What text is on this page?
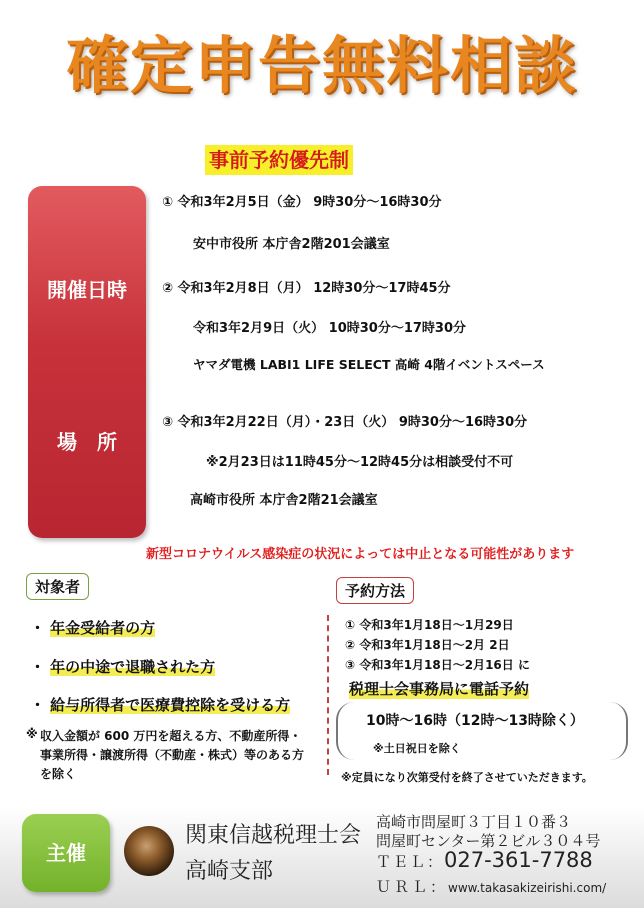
確定申告無料相談
事前予約優先制
開催日時
場　所
① 令和3年2月5日（金） 9時30分～16時30分
安中市役所 本庁舎2階201会議室
② 令和3年2月8日（月） 12時30分～17時45分
令和3年2月9日（火） 10時30分～17時30分
ヤマダ電機 LABI1 LIFE SELECT 高崎 4階イベントスペース
③ 令和3年2月22日（月）・23日（火） 9時30分～16時30分
※2月23日は11時45分～12時45分は相談受付不可
高崎市役所 本庁舎2階21会議室
新型コロナウイルス感染症の状況によっては中止となる可能性があります
対象者
・ 年金受給者の方
・ 年の中途で退職された方
・ 給与所得者で医療費控除を受ける方
※ 収入金額が 600 万円を超える方、不動産所得・
事業所得・譲渡所得（不動産・株式）等のある方
を除く
予約方法
① 令和3年1月18日～1月29日
② 令和3年1月18日～2月 2日
③ 令和3年1月18日～2月16日 に
税理士会事務局に電話予約
10時～16時（12時～13時除く）
※土日祝日を除く
※定員になり次第受付を終了させていただきます。
主催
関東信越税理士会
高崎支部
高崎市問屋町３丁目１０番３
問屋町センター第２ビル３０４号
ＴＥＬ：027-361-7788
ＵＲＬ：www.takasakizeirishi.com/
